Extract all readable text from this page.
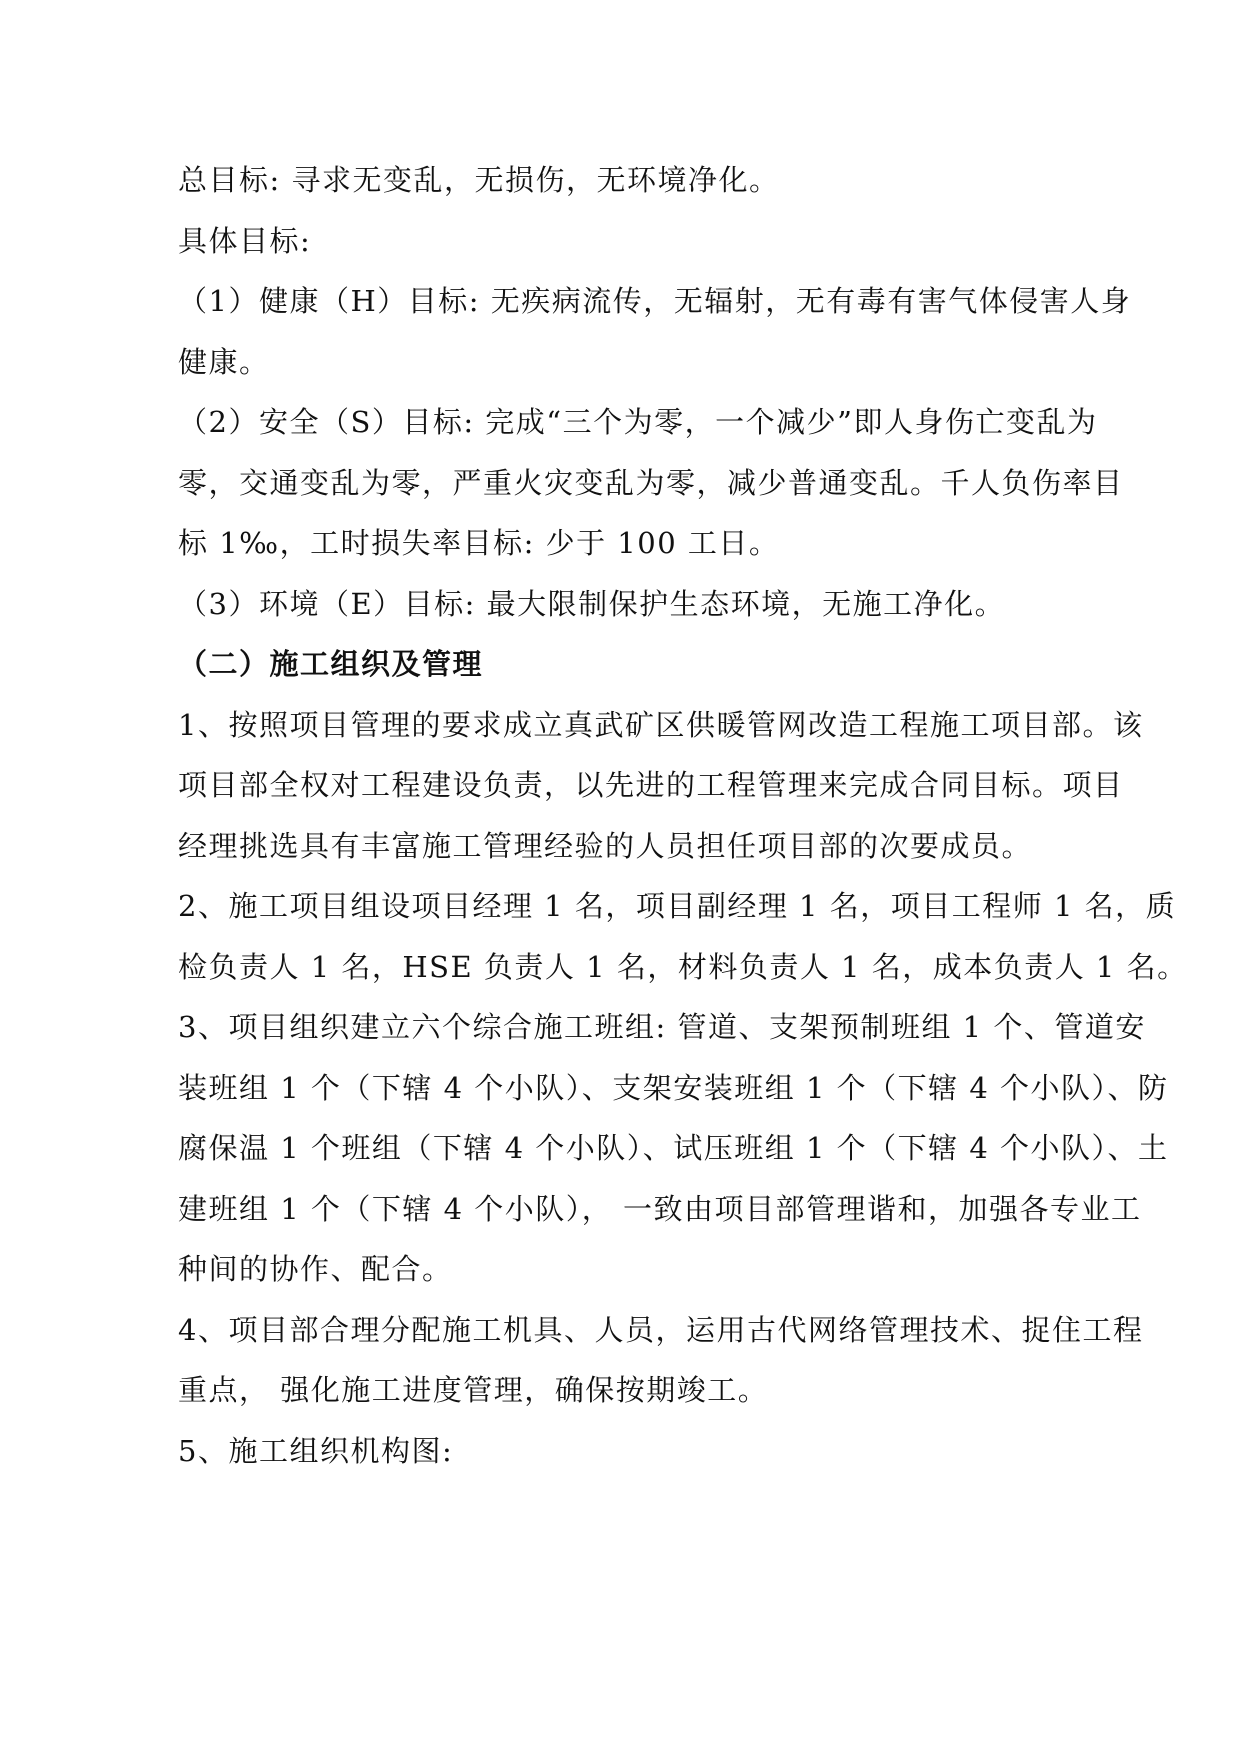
总目标: 寻求无变乱，无损伤，无环境净化。

具体目标:

（1）健康（H）目标: 无疾病流传，无辐射，无有毒有害气体侵害人身
健康。

（2）安全（S）目标: 完成“三个为零，一个减少”即人身伤亡变乱为
零，交通变乱为零，严重火灾变乱为零，减少普通变乱。千人负伤率目
标 1‰，工时损失率目标: 少于 100 工日。

（3）环境（E）目标: 最大限制保护生态环境，无施工净化。

（二）施工组织及管理

1、按照项目管理的要求成立真武矿区供暖管网改造工程施工项目部。该
项目部全权对工程建设负责，以先进的工程管理来完成合同目标。项目
经理挑选具有丰富施工管理经验的人员担任项目部的次要成员。

2、施工项目组设项目经理 1 名，项目副经理 1 名，项目工程师 1 名，质
检负责人 1 名，HSE 负责人 1 名，材料负责人 1 名，成本负责人 1 名。

3、项目组织建立六个综合施工班组: 管道、支架预制班组 1 个、管道安
装班组 1 个（下辖 4 个小队）、支架安装班组 1 个（下辖 4 个小队）、防
腐保温 1 个班组（下辖 4 个小队）、试压班组 1 个（下辖 4 个小队）、土
建班组 1 个（下辖 4 个小队）， 一致由项目部管理谐和，加强各专业工
种间的协作、配合。

4、项目部合理分配施工机具、人员，运用古代网络管理技术、捉住工程
重点， 强化施工进度管理，确保按期竣工。

5、施工组织机构图:
